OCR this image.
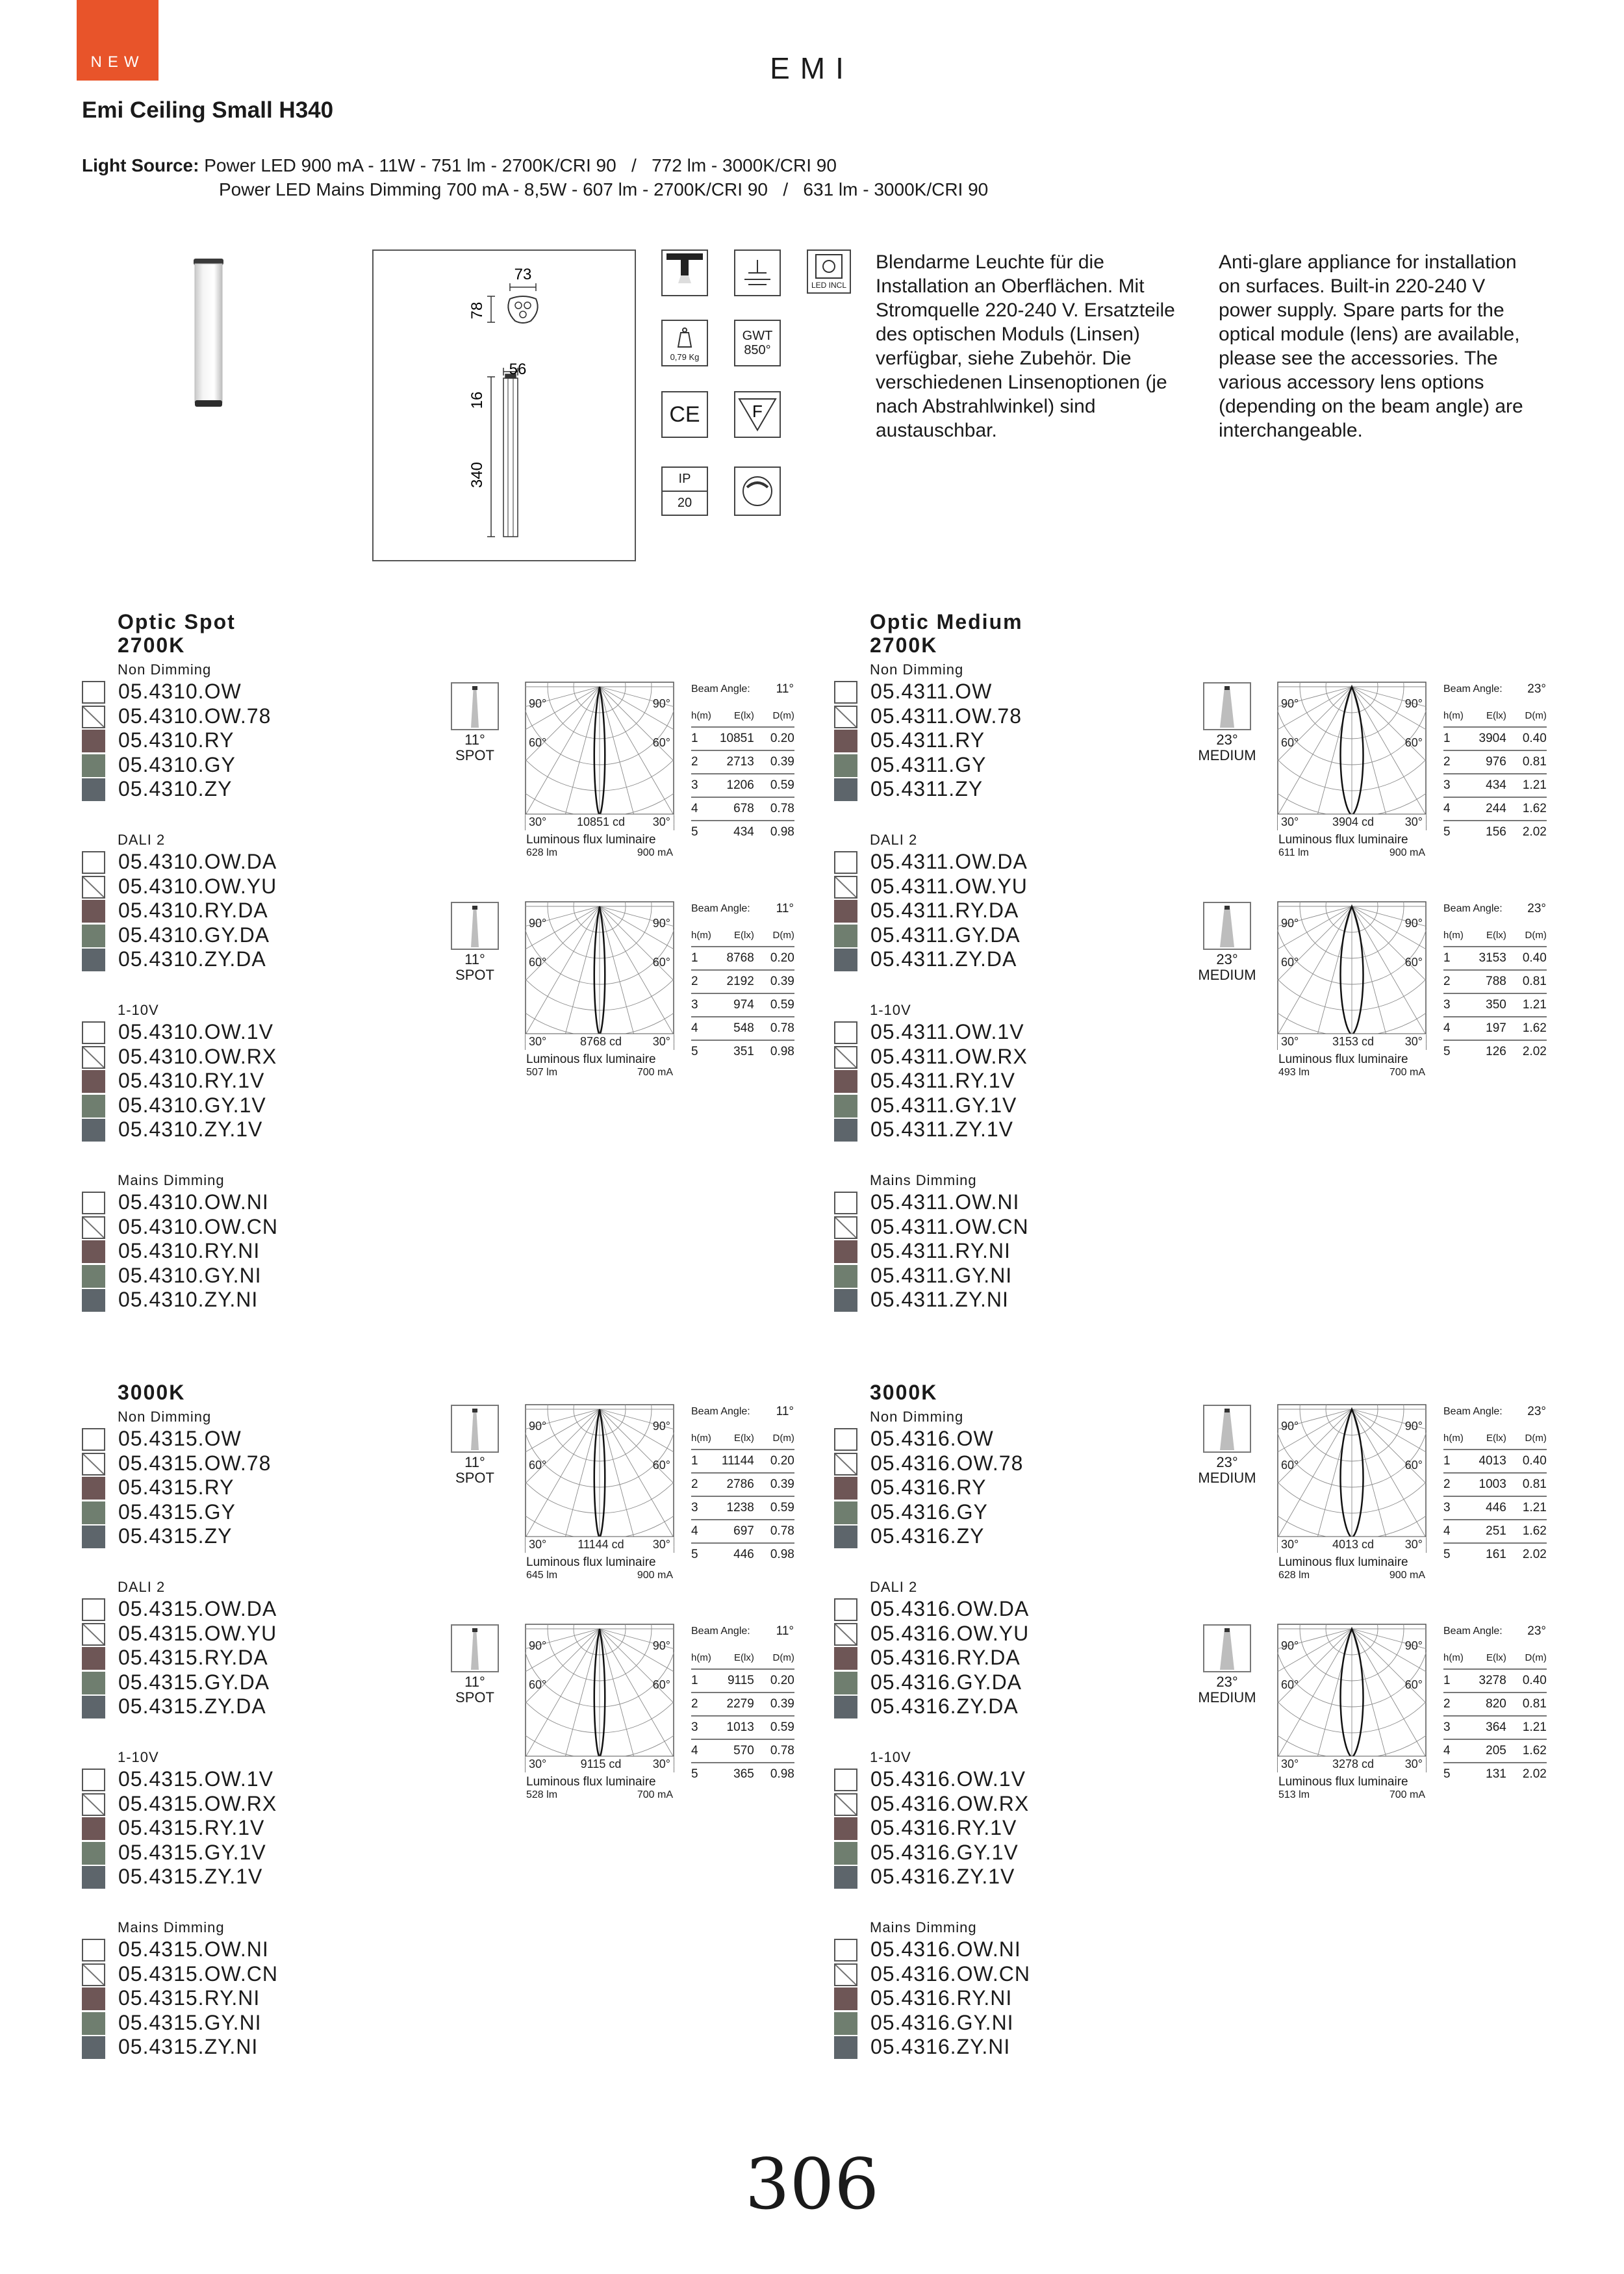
NEW	EMI
Emi Ceiling Small H340
Light Source: Power LED 900 mA - 11W - 751 lm - 2700K/CRI 90   /   772 lm - 3000K/CRI 90
Power LED Mains Dimming 700 mA - 8,5W - 607 lm - 2700K/CRI 90   /   631 lm - 3000K/CRI 90
73
78
56
16
340
LED INCL
0,79 Kg
GWT
850°
CE	F
IP
20
Blendarme Leuchte für die Installation an Oberflächen. Mit Stromquelle 220-240 V. Ersatzteile des optischen Moduls (Linsen) verfügbar, siehe Zubehör. Die verschiedenen Linsenoptionen (je nach Abstrahlwinkel) sind austauschbar.
Anti-glare appliance for installation on surfaces. Built-in 220-240 V power supply. Spare parts for the optical module (lens) are available, please see the accessories. The various accessory lens options (depending on the beam angle) are interchangeable.
Optic Spot
2700K
Non Dimming
05.4310.OW
05.4310.OW.78
05.4310.RY
05.4310.GY
05.4310.ZY
DALI 2
05.4310.OW.DA
05.4310.OW.YU
05.4310.RY.DA
05.4310.GY.DA
05.4310.ZY.DA
1-10V
05.4310.OW.1V
05.4310.OW.RX
05.4310.RY.1V
05.4310.GY.1V
05.4310.ZY.1V
Mains Dimming
05.4310.OW.NI
05.4310.OW.CN
05.4310.RY.NI
05.4310.GY.NI
05.4310.ZY.NI
Optic Medium
2700K
Non Dimming
05.4311.OW
05.4311.OW.78
05.4311.RY
05.4311.GY
05.4311.ZY
DALI 2
05.4311.OW.DA
05.4311.OW.YU
05.4311.RY.DA
05.4311.GY.DA
05.4311.ZY.DA
1-10V
05.4311.OW.1V
05.4311.OW.RX
05.4311.RY.1V
05.4311.GY.1V
05.4311.ZY.1V
Mains Dimming
05.4311.OW.NI
05.4311.OW.CN
05.4311.RY.NI
05.4311.GY.NI
05.4311.ZY.NI
3000K
Non Dimming
05.4315.OW
05.4315.OW.78
05.4315.RY
05.4315.GY
05.4315.ZY
DALI 2
05.4315.OW.DA
05.4315.OW.YU
05.4315.RY.DA
05.4315.GY.DA
05.4315.ZY.DA
1-10V
05.4315.OW.1V
05.4315.OW.RX
05.4315.RY.1V
05.4315.GY.1V
05.4315.ZY.1V
Mains Dimming
05.4315.OW.NI
05.4315.OW.CN
05.4315.RY.NI
05.4315.GY.NI
05.4315.ZY.NI
3000K
Non Dimming
05.4316.OW
05.4316.OW.78
05.4316.RY
05.4316.GY
05.4316.ZY
DALI 2
05.4316.OW.DA
05.4316.OW.YU
05.4316.RY.DA
05.4316.GY.DA
05.4316.ZY.DA
1-10V
05.4316.OW.1V
05.4316.OW.RX
05.4316.RY.1V
05.4316.GY.1V
05.4316.ZY.1V
Mains Dimming
05.4316.OW.NI
05.4316.OW.CN
05.4316.RY.NI
05.4316.GY.NI
05.4316.ZY.NI
11°
SPOT
90°	90°
60°	60°
30°	30°
10851 cd
Luminous flux luminaire
628 lm	900 mA
Beam Angle:	11°
h(m)	E(lx)	D(m)
1	10851	0.20
2	2713	0.39
3	1206	0.59
4	678	0.78
5	434	0.98
11°
SPOT
90°	90°
60°	60°
30°	30°
8768 cd
Luminous flux luminaire
507 lm	700 mA
Beam Angle:	11°
h(m)	E(lx)	D(m)
1	8768	0.20
2	2192	0.39
3	974	0.59
4	548	0.78
5	351	0.98
23°
MEDIUM
90°	90°
60°	60°
30°	30°
3904 cd
Luminous flux luminaire
611 lm	900 mA
Beam Angle:	23°
h(m)	E(lx)	D(m)
1	3904	0.40
2	976	0.81
3	434	1.21
4	244	1.62
5	156	2.02
23°
MEDIUM
90°	90°
60°	60°
30°	30°
3153 cd
Luminous flux luminaire
493 lm	700 mA
Beam Angle:	23°
h(m)	E(lx)	D(m)
1	3153	0.40
2	788	0.81
3	350	1.21
4	197	1.62
5	126	2.02
11°
SPOT
90°	90°
60°	60°
30°	30°
11144 cd
Luminous flux luminaire
645 lm	900 mA
Beam Angle:	11°
h(m)	E(lx)	D(m)
1	11144	0.20
2	2786	0.39
3	1238	0.59
4	697	0.78
5	446	0.98
11°
SPOT
90°	90°
60°	60°
30°	30°
9115 cd
Luminous flux luminaire
528 lm	700 mA
Beam Angle:	11°
h(m)	E(lx)	D(m)
1	9115	0.20
2	2279	0.39
3	1013	0.59
4	570	0.78
5	365	0.98
23°
MEDIUM
90°	90°
60°	60°
30°	30°
4013 cd
Luminous flux luminaire
628 lm	900 mA
Beam Angle:	23°
h(m)	E(lx)	D(m)
1	4013	0.40
2	1003	0.81
3	446	1.21
4	251	1.62
5	161	2.02
23°
MEDIUM
90°	90°
60°	60°
30°	30°
3278 cd
Luminous flux luminaire
513 lm	700 mA
Beam Angle:	23°
h(m)	E(lx)	D(m)
1	3278	0.40
2	820	0.81
3	364	1.21
4	205	1.62
5	131	2.02
306
